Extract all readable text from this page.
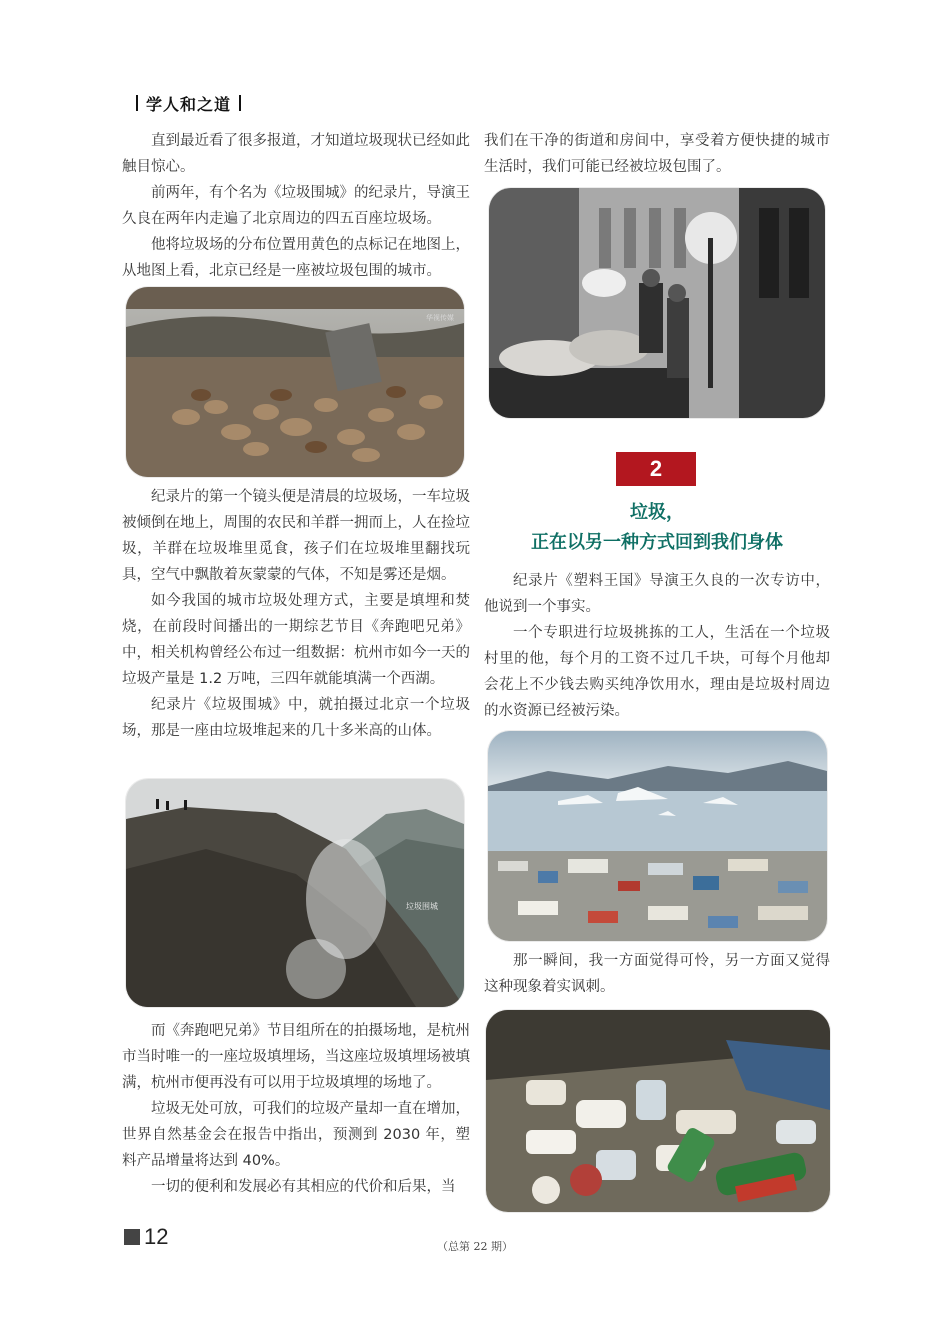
学人和之道

直到最近看了很多报道，才知道垃圾现状已经如此触目惊心。

前两年，有个名为《垃圾围城》的纪录片，导演王久良在两年内走遍了北京周边的四五百座垃圾场。

他将垃圾场的分布位置用黄色的点标记在地图上，从地图上看，北京已经是一座被垃圾包围的城市。

华视传媒

纪录片的第一个镜头便是清晨的垃圾场，一车垃圾被倾倒在地上，周围的农民和羊群一拥而上，人在捡垃圾，羊群在垃圾堆里觅食，孩子们在垃圾堆里翻找玩具，空气中飘散着灰蒙蒙的气体，不知是雾还是烟。

如今我国的城市垃圾处理方式，主要是填埋和焚烧，在前段时间播出的一期综艺节目《奔跑吧兄弟》中，相关机构曾经公布过一组数据：杭州市如今一天的垃圾产量是 1.2 万吨，三四年就能填满一个西湖。

纪录片《垃圾围城》中，就拍摄过北京一个垃圾场，那是一座由垃圾堆起来的几十多米高的山体。

垃圾围城

而《奔跑吧兄弟》节目组所在的拍摄场地，是杭州市当时唯一的一座垃圾填埋场，当这座垃圾填埋场被填满，杭州市便再没有可以用于垃圾填埋的场地了。

垃圾无处可放，可我们的垃圾产量却一直在增加，世界自然基金会在报告中指出，预测到 2030 年，塑料产品增量将达到 40%。

一切的便利和发展必有其相应的代价和后果，当

我们在干净的街道和房间中，享受着方便快捷的城市生活时，我们可能已经被垃圾包围了。

2
垃圾，
正在以另一种方式回到我们身体

纪录片《塑料王国》导演王久良的一次专访中，他说到一个事实。

一个专职进行垃圾挑拣的工人，生活在一个垃圾村里的他，每个月的工资不过几千块，可每个月他却会花上不少钱去购买纯净饮用水，理由是垃圾村周边的水资源已经被污染。

那一瞬间，我一方面觉得可怜，另一方面又觉得这种现象着实讽刺。

12	（总第 22 期）
